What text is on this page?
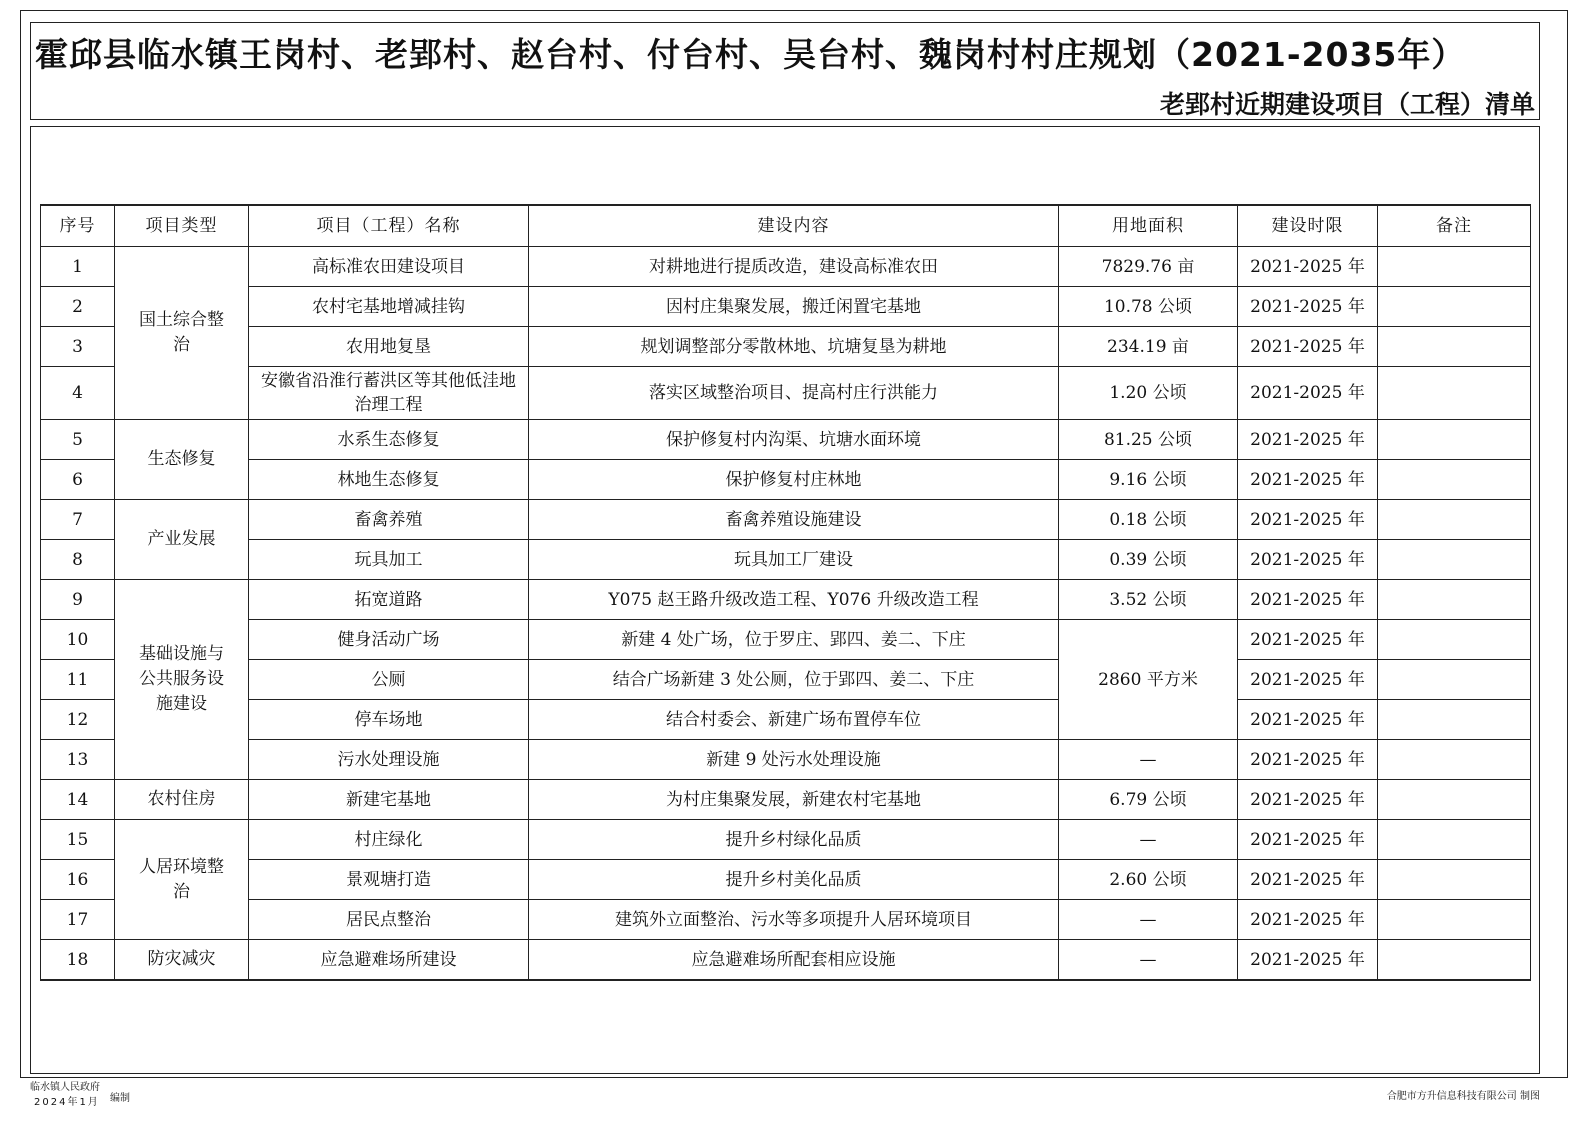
霍邱县临水镇王岗村、老郢村、赵台村、付台村、吴台村、魏岗村村庄规划（2021-2035年）
老郢村近期建设项目（工程）清单
序号	项目类型	项目（工程）名称	建设内容	用地面积	建设时限	备注
1	国土综合整治	高标准农田建设项目	对耕地进行提质改造，建设高标准农田	7829.76 亩	2021-2025 年	
2		农村宅基地增减挂钩	因村庄集聚发展，搬迁闲置宅基地	10.78 公顷	2021-2025 年	
3		农用地复垦	规划调整部分零散林地、坑塘复垦为耕地	234.19 亩	2021-2025 年	
4		安徽省沿淮行蓄洪区等其他低洼地治理工程	落实区域整治项目、提高村庄行洪能力	1.20 公顷	2021-2025 年	
5	生态修复	水系生态修复	保护修复村内沟渠、坑塘水面环境	81.25 公顷	2021-2025 年	
6		林地生态修复	保护修复村庄林地	9.16 公顷	2021-2025 年	
7	产业发展	畜禽养殖	畜禽养殖设施建设	0.18 公顷	2021-2025 年	
8		玩具加工	玩具加工厂建设	0.39 公顷	2021-2025 年	
9	基础设施与公共服务设施建设	拓宽道路	Y075 赵王路升级改造工程、Y076 升级改造工程	3.52 公顷	2021-2025 年	
10		健身活动广场	新建 4 处广场，位于罗庄、郢四、姜二、下庄	2860 平方米	2021-2025 年	
11		公厕	结合广场新建 3 处公厕，位于郢四、姜二、下庄		2021-2025 年	
12		停车场地	结合村委会、新建广场布置停车位		2021-2025 年	
13		污水处理设施	新建 9 处污水处理设施	—	2021-2025 年	
14	农村住房	新建宅基地	为村庄集聚发展，新建农村宅基地	6.79 公顷	2021-2025 年	
15	人居环境整治	村庄绿化	提升乡村绿化品质	—	2021-2025 年	
16		景观塘打造	提升乡村美化品质	2.60 公顷	2021-2025 年	
17		居民点整治	建筑外立面整治、污水等多项提升人居环境项目	—	2021-2025 年	
18	防灾减灾	应急避难场所建设	应急避难场所配套相应设施	—	2021-2025 年	
临水镇人民政府
2024年1月 编制	合肥市方升信息科技有限公司 制图
